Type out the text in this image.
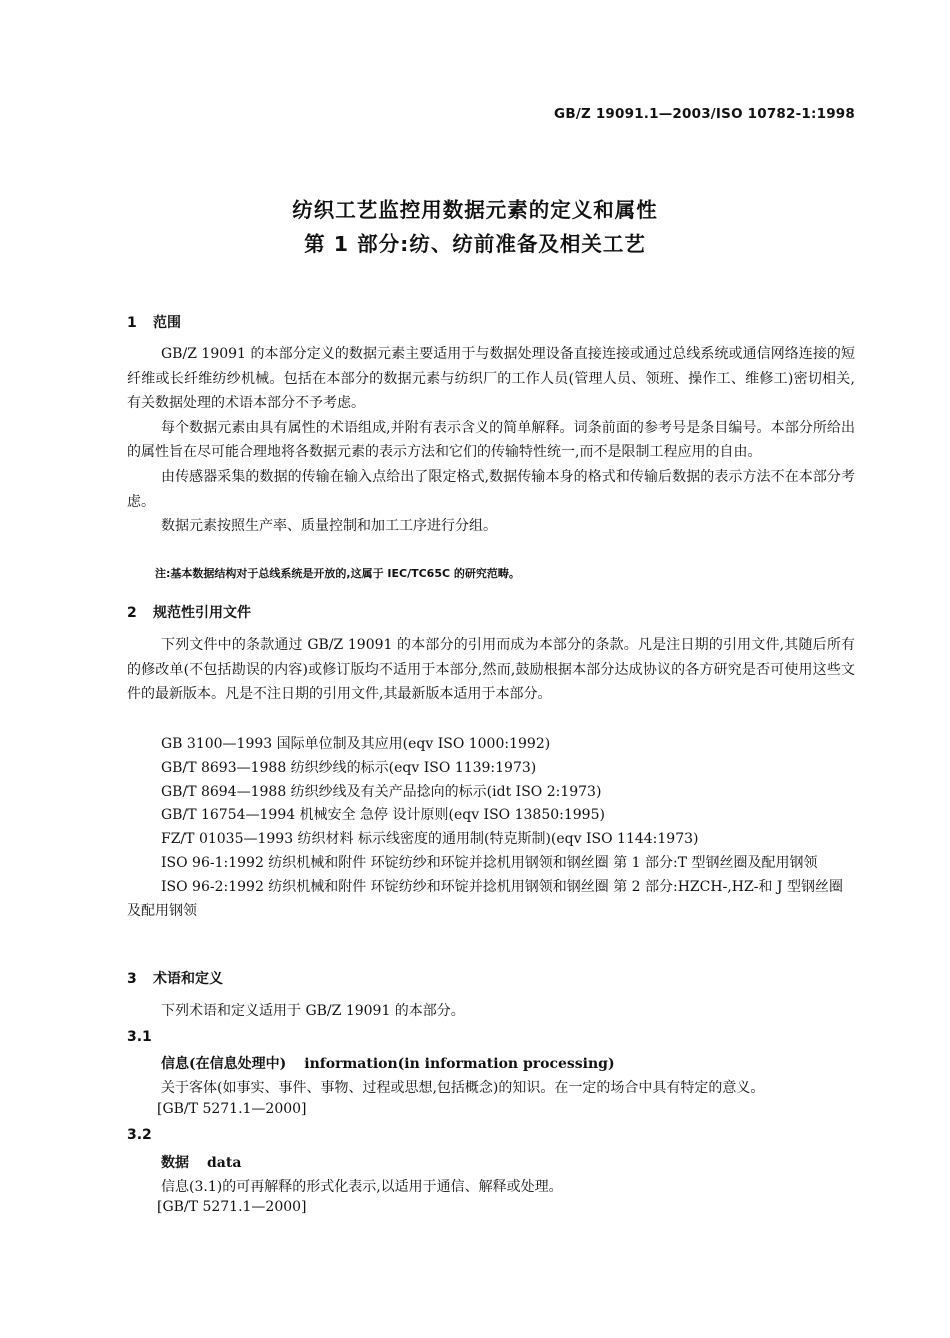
GB/Z 19091.1—2003/ISO 10782-1:1998
纺织工艺监控用数据元素的定义和属性
第 1 部分:纺、纺前准备及相关工艺
1 范围

GB/Z 19091 的本部分定义的数据元素主要适用于与数据处理设备直接连接或通过总线系统或通信网络连接的短纤维或长纤维纺纱机械。包括在本部分的数据元素与纺织厂的工作人员(管理人员、领班、操作工、维修工)密切相关,有关数据处理的术语本部分不予考虑。

每个数据元素由具有属性的术语组成,并附有表示含义的简单解释。词条前面的参考号是条目编号。本部分所给出的属性旨在尽可能合理地将各数据元素的表示方法和它们的传输特性统一,而不是限制工程应用的自由。

由传感器采集的数据的传输在输入点给出了限定格式,数据传输本身的格式和传输后数据的表示方法不在本部分考虑。

数据元素按照生产率、质量控制和加工工序进行分组。

注:基本数据结构对于总线系统是开放的,这属于 IEC/TC65C 的研究范畴。
2 规范性引用文件

下列文件中的条款通过 GB/Z 19091 的本部分的引用而成为本部分的条款。凡是注日期的引用文件,其随后所有的修改单(不包括勘误的内容)或修订版均不适用于本部分,然而,鼓励根据本部分达成协议的各方研究是否可使用这些文件的最新版本。凡是不注日期的引用文件,其最新版本适用于本部分。

GB 3100—1993 国际单位制及其应用(eqv ISO 1000:1992)

GB/T 8693—1988 纺织纱线的标示(eqv ISO 1139:1973)

GB/T 8694—1988 纺织纱线及有关产品捻向的标示(idt ISO 2:1973)

GB/T 16754—1994 机械安全 急停 设计原则(eqv ISO 13850:1995)

FZ/T 01035—1993 纺织材料 标示线密度的通用制(特克斯制)(eqv ISO 1144:1973)

ISO 96-1:1992 纺织机械和附件 环锭纺纱和环锭并捻机用钢领和钢丝圈 第 1 部分:T 型钢丝圈及配用钢领

ISO 96-2:1992 纺织机械和附件 环锭纺纱和环锭并捻机用钢领和钢丝圈 第 2 部分:HZCH-,HZ-和 J 型钢丝圈及配用钢领

3 术语和定义
下列术语和定义适用于 GB/Z 19091 的本部分。
3.1
信息(在信息处理中) information(in information processing)
关于客体(如事实、事件、事物、过程或思想,包括概念)的知识。在一定的场合中具有特定的意义。
[GB/T 5271.1—2000]
3.2
数据 data
信息(3.1)的可再解释的形式化表示,以适用于通信、解释或处理。
[GB/T 5271.1—2000]
